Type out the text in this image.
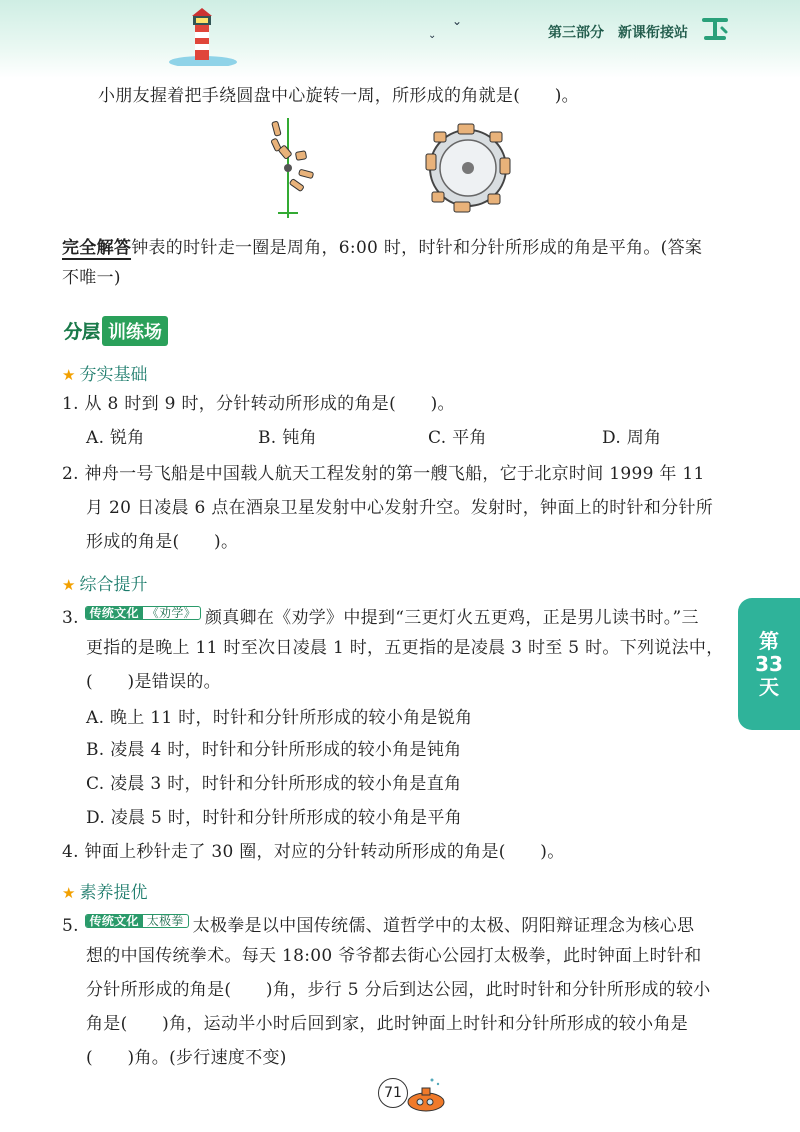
⌄
⌄	第三部分 新课衔接站
小朋友握着把手绕圆盘中心旋转一周，所形成的角就是(　　)。
完全解答钟表的时针走一圈是周角，6:00 时，时针和分针所形成的角是平角。(答案
不唯一)
分层 训练场
★ 夯实基础
1. 从 8 时到 9 时，分针转动所形成的角是(　　)。
A. 锐角	B. 钝角	C. 平角	D. 周角
2. 神舟一号飞船是中国载人航天工程发射的第一艘飞船，它于北京时间 1999 年 11
月 20 日凌晨 6 点在酒泉卫星发射中心发射升空。发射时，钟面上的时针和分针所
形成的角是(　　)。
★ 综合提升
3. 传统文化 《劝学》 颜真卿在《劝学》中提到“三更灯火五更鸡，正是男儿读书时。”三
更指的是晚上 11 时至次日凌晨 1 时，五更指的是凌晨 3 时至 5 时。下列说法中，
(　　)是错误的。
A. 晚上 11 时，时针和分针所形成的较小角是锐角
B. 凌晨 4 时，时针和分针所形成的较小角是钝角
C. 凌晨 3 时，时针和分针所形成的较小角是直角
D. 凌晨 5 时，时针和分针所形成的较小角是平角
4. 钟面上秒针走了 30 圈，对应的分针转动所形成的角是(　　)。
★ 素养提优
5. 传统文化 太极拳 太极拳是以中国传统儒、道哲学中的太极、阴阳辩证理念为核心思
想的中国传统拳术。每天 18:00 爷爷都去街心公园打太极拳，此时钟面上时针和
分针所形成的角是(　　)角，步行 5 分后到达公园，此时时针和分针所形成的较小
角是(　　)角，运动半小时后回到家，此时钟面上时针和分针所形成的较小角是
(　　)角。(步行速度不变)
第
33
天
71
